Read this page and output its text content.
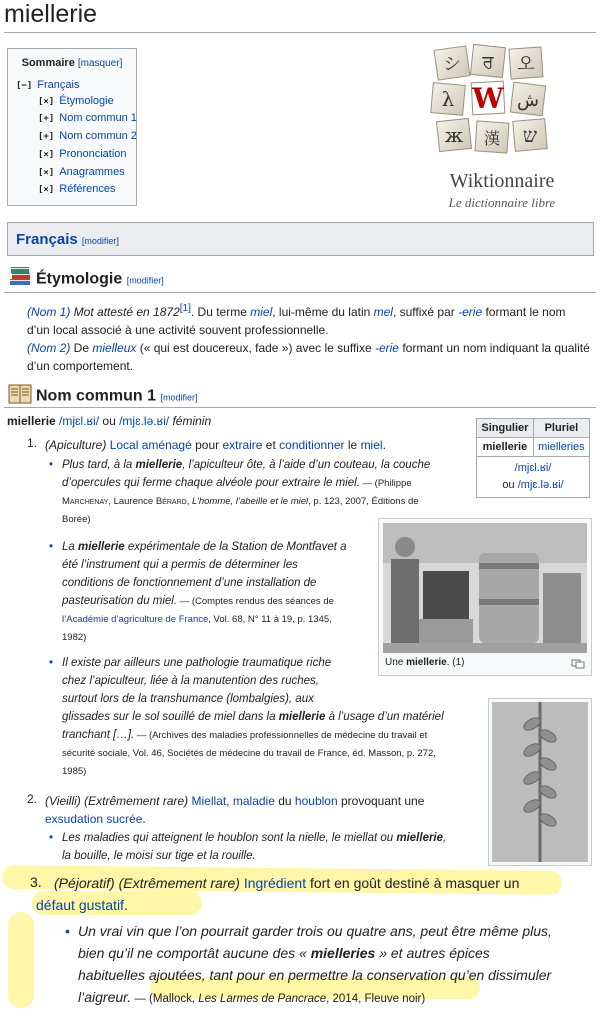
miellerie
Sommaire [masquer]
[−] Français
[×] Étymologie
[+] Nom commun 1
[+] Nom commun 2
[×] Prononciation
[×] Anagrammes
[×] Références
シ ਰ 오
λ W ش
ж 漢 ש
Wiktionnaire
Le dictionnaire libre
Français [modifier]
Étymologie [modifier]
(Nom 1) Mot attesté en 1872[1]. Du terme miel, lui-même du latin mel, suffixé par -erie formant le nom
d’un local associé à une activité souvent professionnelle.
(Nom 2) De mielleux (« qui est doucereux, fade ») avec le suffixe -erie formant un nom indiquant la qualité
d’un comportement.
Nom commun 1 [modifier]
miellerie /mjɛl.ʁi/ ou /mjɛ.lə.ʁi/ féminin	Singulier	Pluriel
miellerie	mielleries
/mjɛl.ʁi/
ou /mjɛ.lə.ʁi/	
1. (Apiculture) Local aménagé pour extraire et conditionner le miel.
• Plus tard, à la miellerie, l’apiculteur ôte, à l’aide d’un couteau, la couche
d’opercules qui ferme chaque alvéole pour extraire le miel. — (Philippe
Marchenay, Laurence Bérard, L’homme, l’abeille et le miel, p. 123, 2007, Éditions de
Borée)
Une miellerie. (1)
• La miellerie expérimentale de la Station de Montfavet a
été l’instrument qui a permis de déterminer les
conditions de fonctionnement d’une installation de
pasteurisation du miel. — (Comptes rendus des séances de
l’Académie d’agriculture de France, Vol. 68, N° 11 à 19, p. 1345,
1982)
• Il existe par ailleurs une pathologie traumatique riche
chez l’apiculteur, liée à la manutention des ruches,
surtout lors de la transhumance (lombalgies), aux
glissades sur le sol souillé de miel dans la miellerie à l’usage d’un matériel
tranchant […]. — (Archives des maladies professionnelles de médecine du travail et
sécurité sociale, Vol. 46, Sociétés de médecine du travail de France, éd. Masson, p. 272,
1985)
2. (Vieilli) (Extrêmement rare) Miellat, maladie du houblon provoquant une
exsudation sucrée.
• Les maladies qui atteignent le houblon sont la nielle, le miellat ou miellerie,
la bouille, le moisi sur tige et la rouille.
3. (Péjoratif) (Extrêmement rare) Ingrédient fort en goût destiné à masquer un
défaut gustatif.
• Un vrai vin que l’on pourrait garder trois ou quatre ans, peut être même plus,
bien qu’il ne comportât aucune des « mielleries » et autres épices
habituelles ajoutées, tant pour en permettre la conservation qu’en dissimuler
l’aigreur. — (Mallock, Les Larmes de Pancrace, 2014, Fleuve noir)
